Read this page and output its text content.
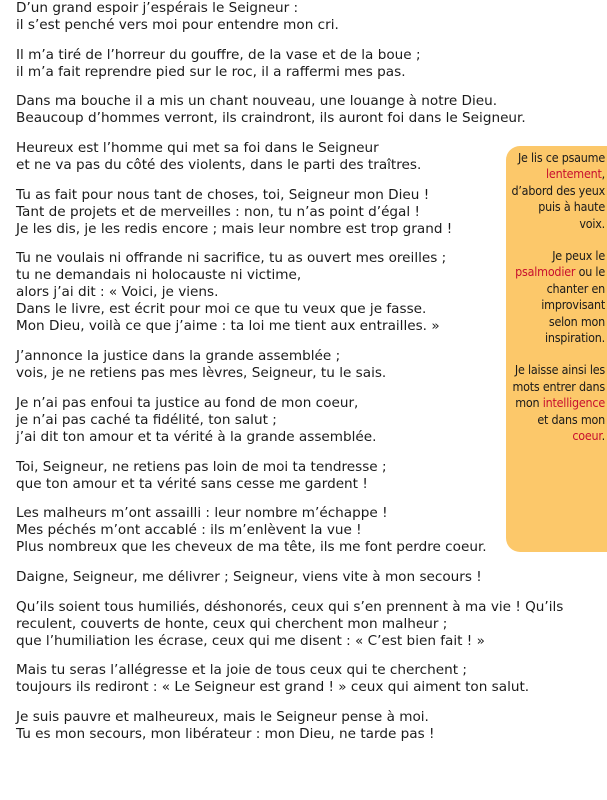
D’un grand espoir j’espérais le Seigneur :
il s’est penché vers moi pour entendre mon cri.
Il m’a tiré de l’horreur du gouffre, de la vase et de la boue ;
il m’a fait reprendre pied sur le roc, il a raffermi mes pas.
Dans ma bouche il a mis un chant nouveau, une louange à notre Dieu.
Beaucoup d’hommes verront, ils craindront, ils auront foi dans le Seigneur.
Heureux est l’homme qui met sa foi dans le Seigneur
et ne va pas du côté des violents, dans le parti des traîtres.
Tu as fait pour nous tant de choses, toi, Seigneur mon Dieu !
Tant de projets et de merveilles : non, tu n’as point d’égal !
Je les dis, je les redis encore ; mais leur nombre est trop grand !
Tu ne voulais ni offrande ni sacrifice, tu as ouvert mes oreilles ;
tu ne demandais ni holocauste ni victime,
alors j’ai dit : « Voici, je viens.
Dans le livre, est écrit pour moi ce que tu veux que je fasse.
Mon Dieu, voilà ce que j’aime : ta loi me tient aux entrailles. »
J’annonce la justice dans la grande assemblée ;
vois, je ne retiens pas mes lèvres, Seigneur, tu le sais.
Je n’ai pas enfoui ta justice au fond de mon coeur,
je n’ai pas caché ta fidélité, ton salut ;
j’ai dit ton amour et ta vérité à la grande assemblée.
Toi, Seigneur, ne retiens pas loin de moi ta tendresse ;
que ton amour et ta vérité sans cesse me gardent !
Les malheurs m’ont assailli : leur nombre m’échappe !
Mes péchés m’ont accablé : ils m’enlèvent la vue !
Plus nombreux que les cheveux de ma tête, ils me font perdre coeur.
Daigne, Seigneur, me délivrer ; Seigneur, viens vite à mon secours !
Qu’ils soient tous humiliés, déshonorés, ceux qui s’en prennent à ma vie ! Qu’ils reculent, couverts de honte, ceux qui cherchent mon malheur ;
que l’humiliation les écrase, ceux qui me disent : « C’est bien fait ! »
Mais tu seras l’allégresse et la joie de tous ceux qui te cherchent ;
toujours ils rediront : « Le Seigneur est grand ! » ceux qui aiment ton salut.
Je suis pauvre et malheureux, mais le Seigneur pense à moi.
Tu es mon secours, mon libérateur : mon Dieu, ne tarde pas !

Je lis ce psaume lentement, d’abord des yeux puis à haute voix.

Je peux le psalmodier ou le chanter en improvisant selon mon inspiration.

Je laisse ainsi les mots entrer dans mon intelligence et dans mon coeur.
